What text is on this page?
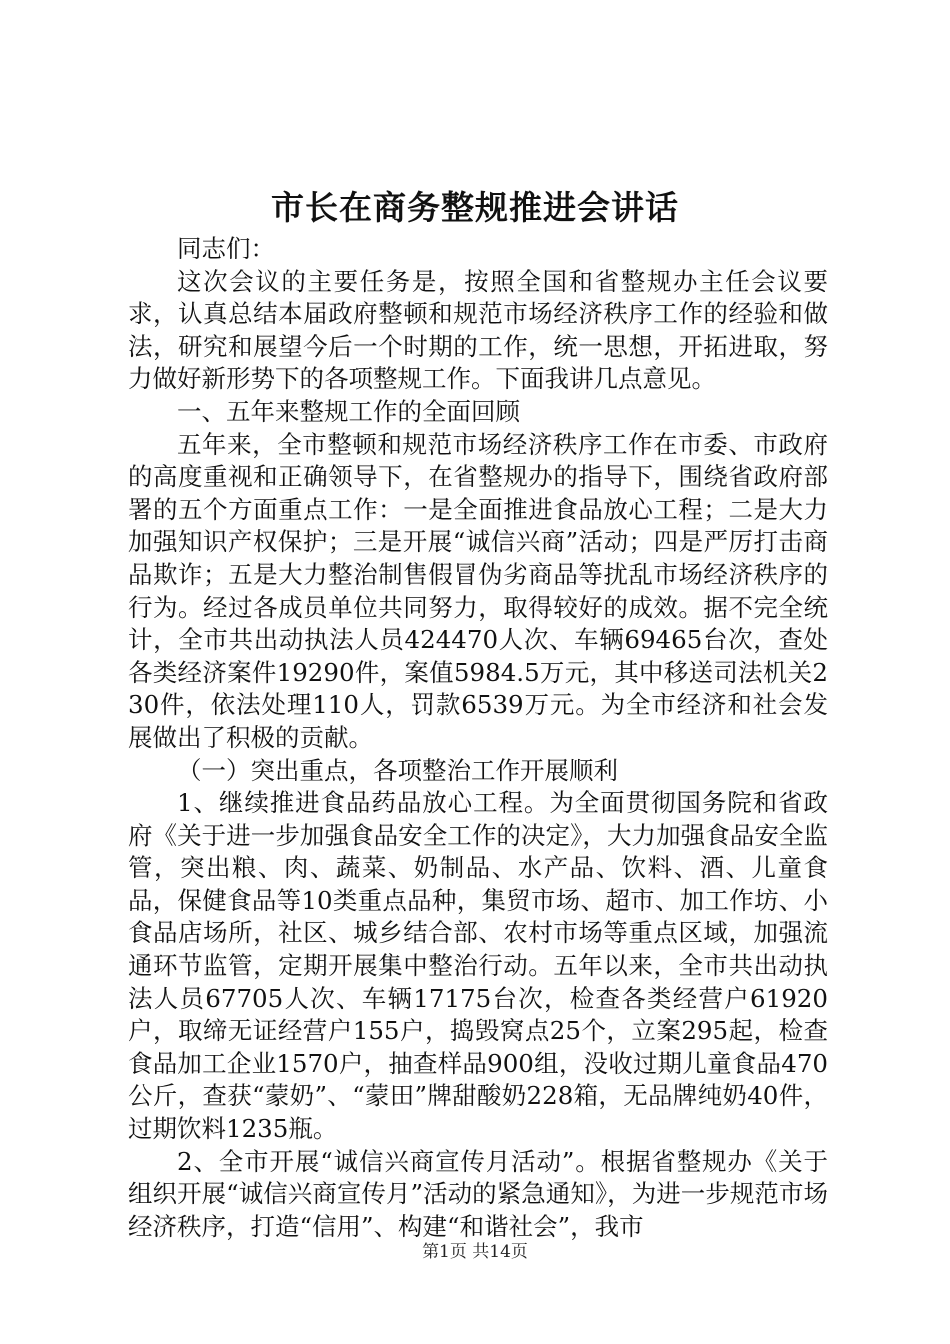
市长在商务整规推进会讲话

同志们：

这次会议的主要任务是，按照全国和省整规办主任会议要求，认真总结本届政府整顿和规范市场经济秩序工作的经验和做法，研究和展望今后一个时期的工作，统一思想，开拓进取，努力做好新形势下的各项整规工作。下面我讲几点意见。

一、五年来整规工作的全面回顾

五年来，全市整顿和规范市场经济秩序工作在市委、市政府的高度重视和正确领导下，在省整规办的指导下，围绕省政府部署的五个方面重点工作：一是全面推进食品放心工程；二是大力加强知识产权保护；三是开展“诚信兴商”活动；四是严厉打击商品欺诈；五是大力整治制售假冒伪劣商品等扰乱市场经济秩序的行为。经过各成员单位共同努力，取得较好的成效。据不完全统计，全市共出动执法人员424470人次、车辆69465台次，查处各类经济案件19290件，案值5984.5万元，其中移送司法机关230件，依法处理110人，罚款6539万元。为全市经济和社会发展做出了积极的贡献。

（一）突出重点，各项整治工作开展顺利

1、继续推进食品药品放心工程。为全面贯彻国务院和省政府《关于进一步加强食品安全工作的决定》，大力加强食品安全监管，突出粮、肉、蔬菜、奶制品、水产品、饮料、酒、儿童食品，保健食品等10类重点品种，集贸市场、超市、加工作坊、小食品店场所，社区、城乡结合部、农村市场等重点区域，加强流通环节监管，定期开展集中整治行动。五年以来，全市共出动执法人员67705人次、车辆17175台次，检查各类经营户61920户，取缔无证经营户155户，捣毁窝点25个，立案295起，检查食品加工企业1570户，抽查样品900组，没收过期儿童食品470公斤，查获“蒙奶”、“蒙田”牌甜酸奶228箱，无品牌纯奶40件，过期饮料1235瓶。

2、全市开展“诚信兴商宣传月活动”。根据省整规办《关于组织开展“诚信兴商宣传月”活动的紧急通知》，为进一步规范市场经济秩序，打造“信用”、构建“和谐社会”，我市

第1页 共14页
